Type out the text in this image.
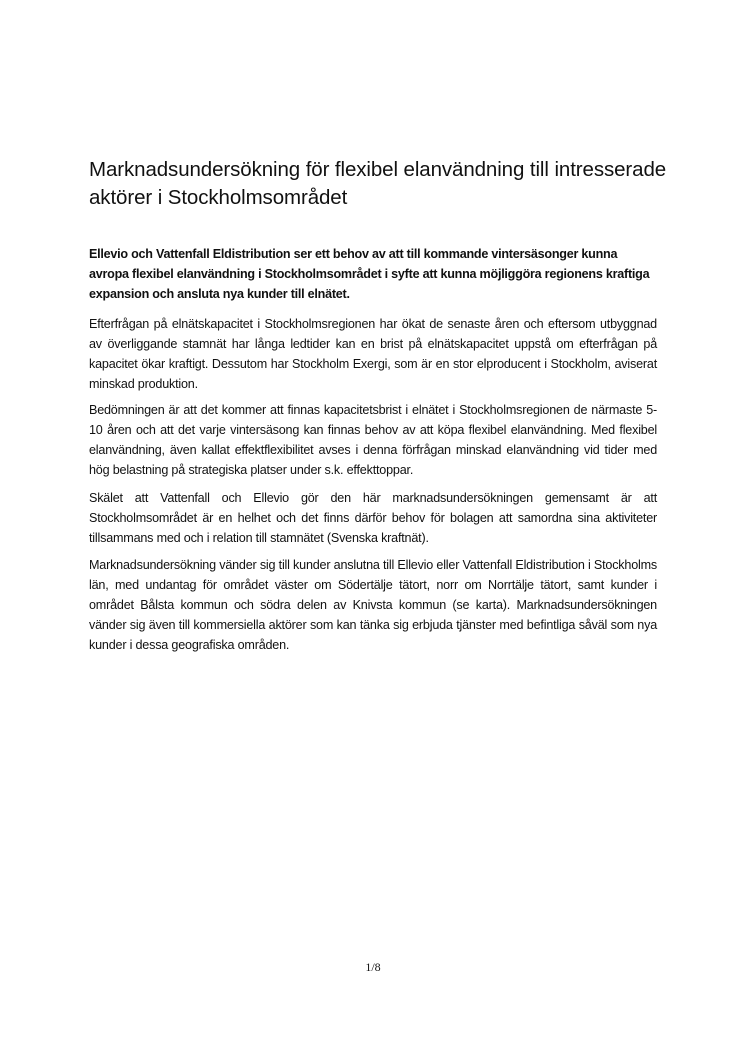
Marknadsundersökning för flexibel elanvändning till intresserade aktörer i Stockholmsområdet

Ellevio och Vattenfall Eldistribution ser ett behov av att till kommande vintersäsonger kunna avropa flexibel elanvändning i Stockholmsområdet i syfte att kunna möjliggöra regionens kraftiga expansion och ansluta nya kunder till elnätet.

Efterfrågan på elnätskapacitet i Stockholmsregionen har ökat de senaste åren och eftersom utbyggnad av överliggande stamnät har långa ledtider kan en brist på elnätskapacitet uppstå om efterfrågan på kapacitet ökar kraftigt. Dessutom har Stockholm Exergi, som är en stor elproducent i Stockholm, aviserat minskad produktion.

Bedömningen är att det kommer att finnas kapacitetsbrist i elnätet i Stockholmsregionen de närmaste 5-10 åren och att det varje vintersäsong kan finnas behov av att köpa flexibel elanvändning. Med flexibel elanvändning, även kallat effektflexibilitet avses i denna förfrågan minskad elanvändning vid tider med hög belastning på strategiska platser under s.k. effekttoppar.

Skälet att Vattenfall och Ellevio gör den här marknadsundersökningen gemensamt är att Stockholmsområdet är en helhet och det finns därför behov för bolagen att samordna sina aktiviteter tillsammans med och i relation till stamnätet (Svenska kraftnät).

Marknadsundersökning vänder sig till kunder anslutna till Ellevio eller Vattenfall Eldistribution i Stockholms län, med undantag för området väster om Södertälje tätort, norr om Norrtälje tätort, samt kunder i området Bålsta kommun och södra delen av Knivsta kommun (se karta). Marknadsundersökningen vänder sig även till kommersiella aktörer som kan tänka sig erbjuda tjänster med befintliga såväl som nya kunder i dessa geografiska områden.

1/8
